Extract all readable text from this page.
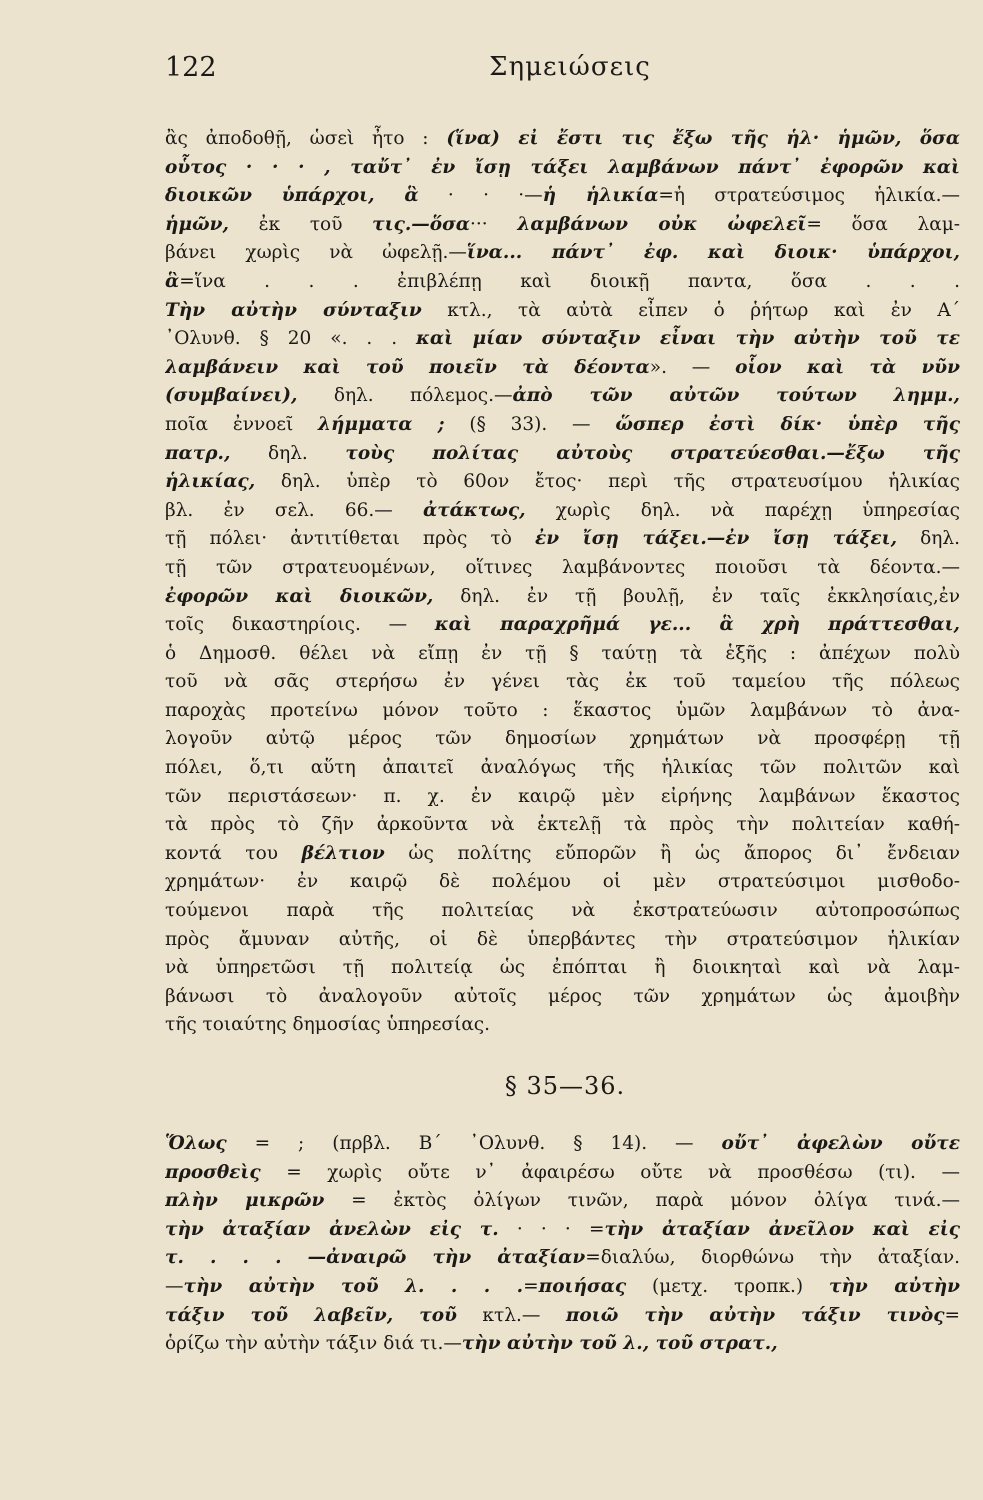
122	Σημειώσεις
ἂς ἀποδοθῇ, ὡσεὶ ἦτο : (ἵνα) εἰ ἔστι τις ἔξω τῆς ἡλ· ἡμῶν, ὅσα
οὗτος · · · , ταὔτ᾽ ἐν ἴσῃ τάξει λαμβάνων πάντ᾽ ἐφορῶν καὶ
διοικῶν ὑπάρχοι, ἃ · · ·—ἡ ἡλικία=ἡ στρατεύσιμος ἡλικία.—
ἡμῶν, ἐκ τοῦ τις.—ὅσα··· λαμβάνων οὐκ ὠφελεῖ= ὅσα λαμ-
βάνει χωρὶς νὰ ὠφελῇ.—ἵνα... πάντ᾽ ἐφ. καὶ διοικ· ὑπάρχοι,
ἃ=ἵνα . . . ἐπιβλέπῃ καὶ διοικῇ παντα, ὅσα . . .
Τὴν αὐτὴν σύνταξιν κτλ., τὰ αὐτὰ εἶπεν ὁ ῥήτωρ καὶ ἐν Α΄
᾿Ολυνθ. § 20 «. . . καὶ μίαν σύνταξιν εἶναι τὴν αὐτὴν τοῦ τε
λαμβάνειν καὶ τοῦ ποιεῖν τὰ δέοντα». — οἷον καὶ τὰ νῦν
(συμβαίνει), δηλ. πόλεμος.—ἀπὸ τῶν αὐτῶν τούτων λημμ.,
ποῖα ἐννοεῖ λήμματα ; (§ 33). — ὥσπερ ἐστὶ δίκ· ὑπὲρ τῆς
πατρ., δηλ. τοὺς πολίτας αὐτοὺς στρατεύεσθαι.—ἔξω τῆς
ἡλικίας, δηλ. ὑπὲρ τὸ 60ον ἔτος· περὶ τῆς στρατευσίμου ἡλικίας
βλ. ἐν σελ. 66.— ἀτάκτως, χωρὶς δηλ. νὰ παρέχῃ ὑπηρεσίας
τῇ πόλει· ἀντιτίθεται πρὸς τὸ ἐν ἴσῃ τάξει.—ἐν ἴσῃ τάξει, δηλ.
τῇ τῶν στρατευομένων, οἵτινες λαμβάνοντες ποιοῦσι τὰ δέοντα.—
ἐφορῶν καὶ διοικῶν, δηλ. ἐν τῇ βουλῇ, ἐν ταῖς ἐκκλησίαις,ἐν
τοῖς δικαστηρίοις. — καὶ παραχρῆμά γε... ἃ χρὴ πράττεσθαι,
ὁ Δημοσθ. θέλει νὰ εἴπῃ ἐν τῇ § ταύτῃ τὰ ἑξῆς : ἀπέχων πολὺ
τοῦ νὰ σᾶς στερήσω ἐν γένει τὰς ἐκ τοῦ ταμείου τῆς πόλεως
παροχὰς προτείνω μόνον τοῦτο : ἕκαστος ὑμῶν λαμβάνων τὸ ἀνα-
λογοῦν αὐτῷ μέρος τῶν δημοσίων χρημάτων νὰ προσφέρῃ τῇ
πόλει, ὅ,τι αὕτη ἀπαιτεῖ ἀναλόγως τῆς ἡλικίας τῶν πολιτῶν καὶ
τῶν περιστάσεων· π. χ. ἐν καιρῷ μὲν εἰρήνης λαμβάνων ἕκαστος
τὰ πρὸς τὸ ζῆν ἀρκοῦντα νὰ ἐκτελῇ τὰ πρὸς τὴν πολιτείαν καθή-
κοντά του βέλτιον ὡς πολίτης εὔπορῶν ἢ ὡς ἄπορος δι᾽ ἔνδειαν
χρημάτων· ἐν καιρῷ δὲ πολέμου οἱ μὲν στρατεύσιμοι μισθοδο-
τούμενοι παρὰ τῆς πολιτείας νὰ ἐκστρατεύωσιν αὐτοπροσώπως
πρὸς ἄμυναν αὐτῆς, οἱ δὲ ὑπερβάντες τὴν στρατεύσιμον ἡλικίαν
νὰ ὑπηρετῶσι τῇ πολιτείᾳ ὡς ἐπόπται ἢ διοικηταὶ καὶ νὰ λαμ-
βάνωσι τὸ ἀναλογοῦν αὐτοῖς μέρος τῶν χρημάτων ὡς ἀμοιβὴν
τῆς τοιαύτης δημοσίας ὑπηρεσίας.
§ 35—36.
Ὅλως = ; (πρβλ. Β΄ ᾿Ολυνθ. § 14). — οὔτ᾽ ἀφελὼν οὔτε
προσθεὶς = χωρὶς οὔτε ν᾽ ἀφαιρέσω οὔτε νὰ προσθέσω (τι). —
πλὴν μικρῶν = ἐκτὸς ὀλίγων τινῶν, παρὰ μόνον ὀλίγα τινά.—
τὴν ἀταξίαν ἀνελὼν εἰς τ. · · · =τὴν ἀταξίαν ἀνεῖλον καὶ εἰς
τ. . . . —ἀναιρῶ τὴν ἀταξίαν=διαλύω, διορθώνω τὴν ἀταξίαν.
—τὴν αὐτὴν τοῦ λ. . . .=ποιήσας (μετχ. τροπκ.) τὴν αὐτὴν
τάξιν τοῦ λαβεῖν, τοῦ κτλ.— ποιῶ τὴν αὐτὴν τάξιν τινὸς=
ὁρίζω τὴν αὐτὴν τάξιν διά τι.—τὴν αὐτὴν τοῦ λ., τοῦ στρατ.,
